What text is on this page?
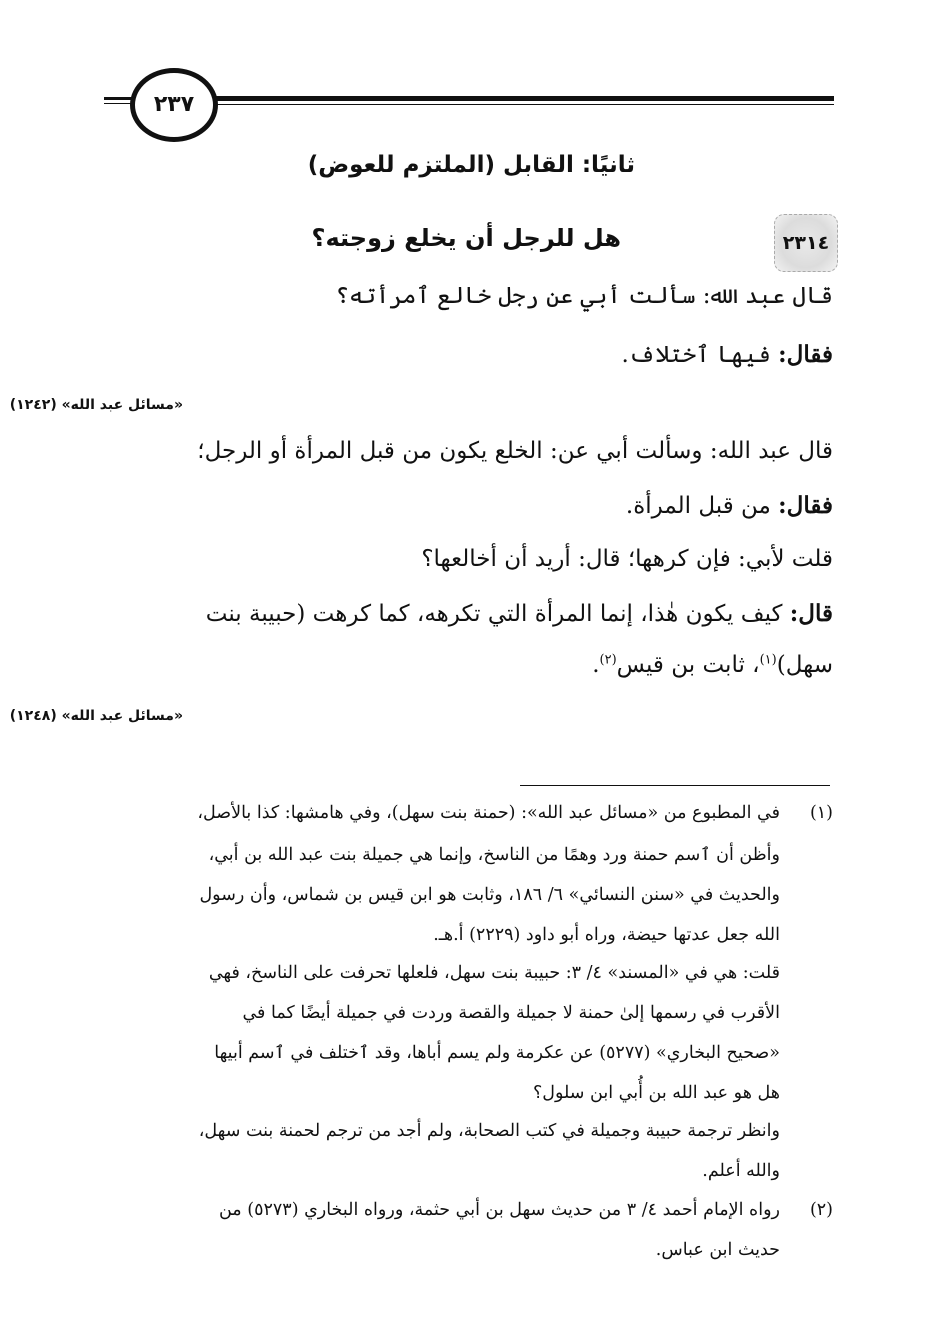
٢٣٧
ثانيًا: القابل (الملتزم للعوض)
٢٣١٤
هل للرجل أن يخلع زوجته؟
قال عبد الله: سألت أبي عن رجل خالع ٱمرأته؟
فقال: فيها ٱختلاف.
«مسائل عبد الله» (١٢٤٢)
قال عبد الله: وسألت أبي عن: الخلع يكون من قبل المرأة أو الرجل؛
فقال: من قبل المرأة.
قلت لأبي: فإن كرهها؛ قال: أريد أن أخالعها؟
قال: كيف يكون هٰذا، إنما المرأة التي تكرهه، كما كرهت (حبيبة بنت
سهل)$^{(١)}$، ثابت بن قيس$^{(٢)}$.
«مسائل عبد الله» (١٢٤٨)
(١)
في المطبوع من «مسائل عبد الله»: (حمنة بنت سهل)، وفي هامشها: كذا بالأصل،
وأظن أن ٱسم حمنة ورد وهمًا من الناسخ، وإنما هي جميلة بنت عبد الله بن أبي،
والحديث في «سنن النسائي» ٦/ ١٨٦، وثابت هو ابن قيس بن شماس، وأن رسول
الله جعل عدتها حيضة، وراه أبو داود (٢٢٢٩) أ.هـ.
قلت: هي في «المسند» ٤/ ٣: حبيبة بنت سهل، فلعلها تحرفت على الناسخ، فهي
الأقرب في رسمها إلىٰ حمنة لا جميلة والقصة وردت في جميلة أيضًا كما في
«صحيح البخاري» (٥٢٧٧) عن عكرمة ولم يسم أباها، وقد ٱختلف في ٱسم أبيها
هل هو عبد الله بن أُبي ابن سلول؟
وانظر ترجمة حبيبة وجميلة في كتب الصحابة، ولم أجد من ترجم لحمنة بنت سهل،
والله أعلم.
(٢)
رواه الإمام أحمد ٤/ ٣ من حديث سهل بن أبي حثمة، ورواه البخاري (٥٢٧٣) من
حديث ابن عباس.
